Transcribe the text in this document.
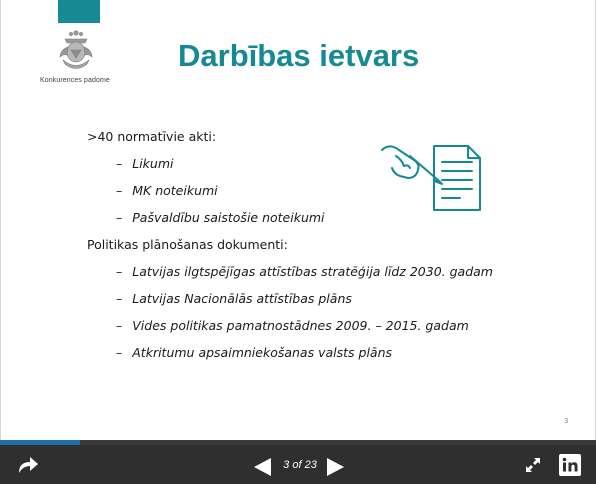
Konkurences padome
Darbības ietvars
>40 normatīvie akti:
– Likumi
– MK noteikumi
– Pašvaldību saistošie noteikumi
Politikas plānošanas dokumenti:
– Latvijas ilgtspējīgas attīstības stratēģija līdz 2030. gadam
– Latvijas Nacionālās attīstības plāns
– Vides politikas pamatnostādnes 2009. – 2015. gadam
– Atkritumu apsaimniekošanas valsts plāns
3
3 of 23
